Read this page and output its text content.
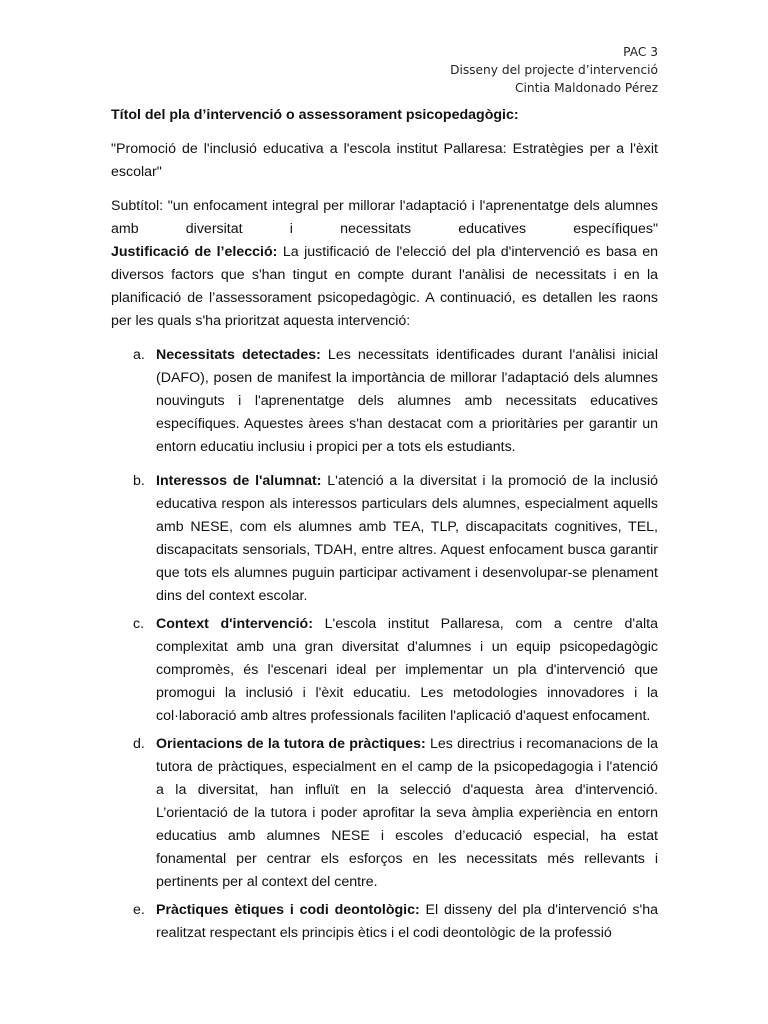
PAC 3
Disseny del projecte d’intervenció
Cintia Maldonado Pérez

Títol del pla d’intervenció o assessorament psicopedagògic:

"Promoció de l'inclusió educativa a l'escola institut Pallaresa: Estratègies per a l'èxit escolar"

Subtítol: "un enfocament integral per millorar l'adaptació i l'aprenentatge dels alumnes amb diversitat i necessitats educatives específiques"

Justificació de l’elecció: La justificació de l'elecció del pla d'intervenció es basa en diversos factors que s'han tingut en compte durant l'anàlisi de necessitats i en la planificació de l’assessorament psicopedagògic. A continuació, es detallen les raons per les quals s'ha prioritzat aquesta intervenció:

a. Necessitats detectades: Les necessitats identificades durant l'anàlisi inicial (DAFO), posen de manifest la importància de millorar l'adaptació dels alumnes nouvinguts i l'aprenentatge dels alumnes amb necessitats educatives específiques. Aquestes àrees s'han destacat com a prioritàries per garantir un entorn educatiu inclusiu i propici per a tots els estudiants.
b. Interessos de l'alumnat: L'atenció a la diversitat i la promoció de la inclusió educativa respon als interessos particulars dels alumnes, especialment aquells amb NESE, com els alumnes amb TEA, TLP, discapacitats cognitives, TEL, discapacitats sensorials, TDAH, entre altres. Aquest enfocament busca garantir que tots els alumnes puguin participar activament i desenvolupar-se plenament dins del context escolar.
c. Context d'intervenció: L'escola institut Pallaresa, com a centre d'alta complexitat amb una gran diversitat d'alumnes i un equip psicopedagògic compromès, és l'escenari ideal per implementar un pla d'intervenció que promogui la inclusió i l'èxit educatiu. Les metodologies innovadores i la col·laboració amb altres professionals faciliten l'aplicació d'aquest enfocament.
d. Orientacions de la tutora de pràctiques: Les directrius i recomanacions de la tutora de pràctiques, especialment en el camp de la psicopedagogia i l'atenció a la diversitat, han influït en la selecció d'aquesta àrea d'intervenció. L’orientació de la tutora i poder aprofitar la seva àmplia experiència en entorn educatius amb alumnes NESE i escoles d’educació especial, ha estat fonamental per centrar els esforços en les necessitats més rellevants i pertinents per al context del centre.
e. Pràctiques ètiques i codi deontològic: El disseny del pla d'intervenció s'ha realitzat respectant els principis ètics i el codi deontològic de la professió
